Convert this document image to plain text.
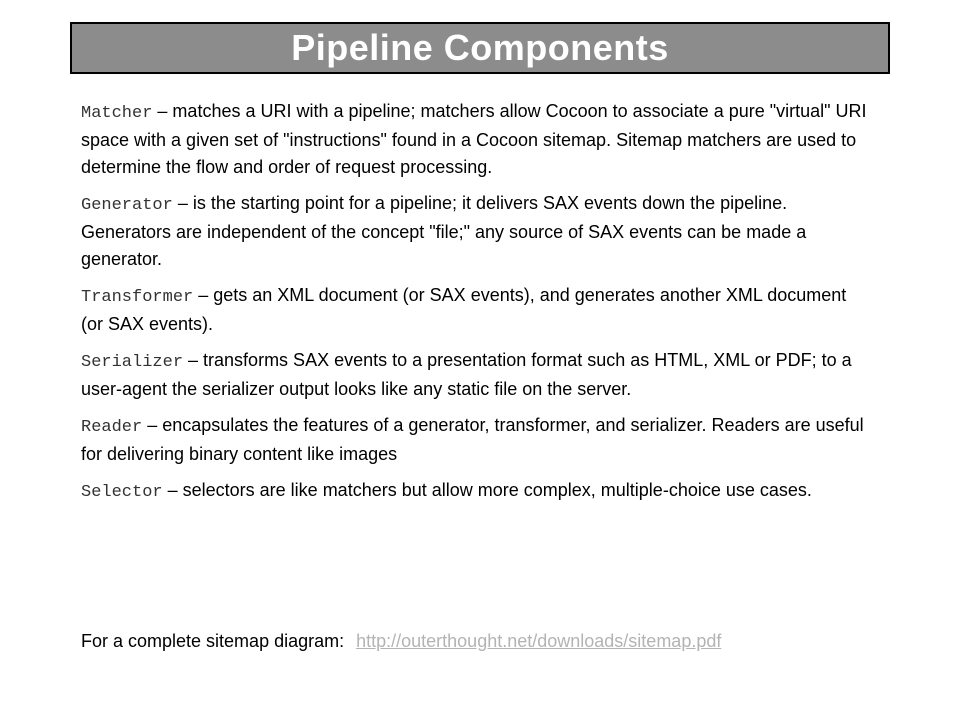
Pipeline Components

Matcher – matches a URI with a pipeline; matchers allow Cocoon to associate a pure "virtual" URI space with a given set of "instructions" found in a Cocoon sitemap. Sitemap matchers are used to determine the flow and order of request processing.

Generator – is the starting point for a pipeline; it delivers SAX events down the pipeline. Generators are independent of the concept "file;" any source of SAX events can be made a generator.

Transformer – gets an XML document (or SAX events), and generates another XML document (or SAX events).

Serializer – transforms SAX events to a presentation format such as HTML, XML or PDF; to a user-agent the serializer output looks like any static file on the server.

Reader – encapsulates the features of a generator, transformer, and serializer. Readers are useful for delivering binary content like images

Selector – selectors are like matchers but allow more complex, multiple-choice use cases.

For a complete sitemap diagram: http://outerthought.net/downloads/sitemap.pdf
